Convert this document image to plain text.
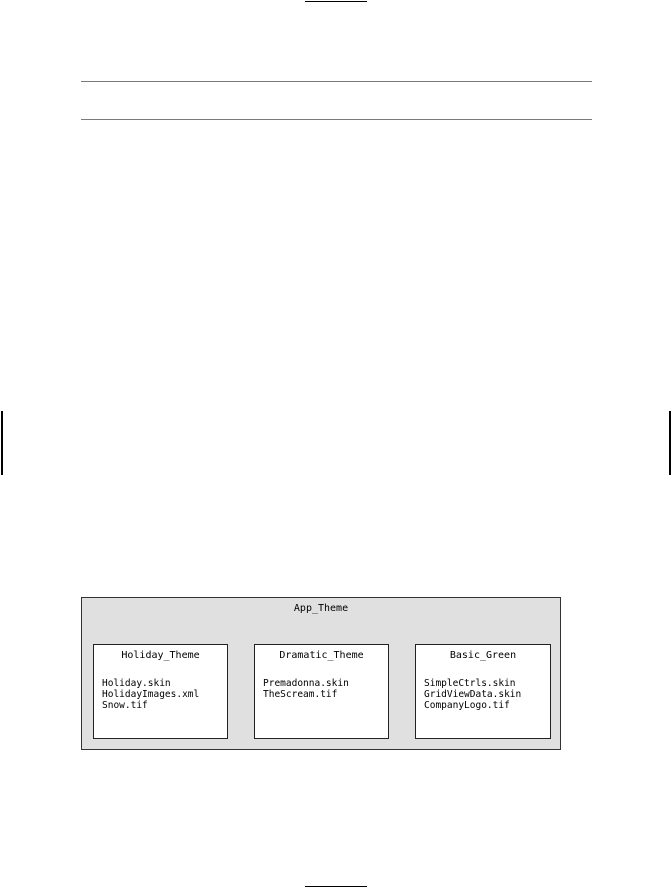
App_Theme
Holiday_Theme
Holiday.skin
HolidayImages.xml
Snow.tif
Dramatic_Theme
Premadonna.skin
TheScream.tif
Basic_Green
SimpleCtrls.skin
GridViewData.skin
CompanyLogo.tif
